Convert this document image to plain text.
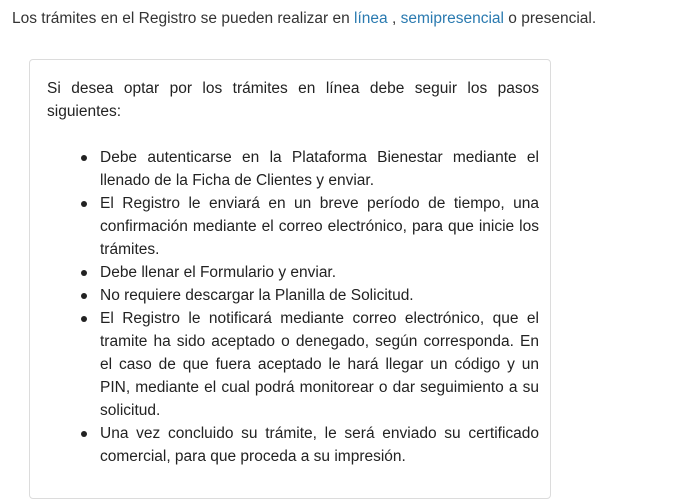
Los trámites en el Registro se pueden realizar en línea , semipresencial o presencial.

Si desea optar por los trámites en línea debe seguir los pasos siguientes:

Debe autenticarse en la Plataforma Bienestar mediante el llenado de la Ficha de Clientes y enviar.
El Registro le enviará en un breve período de tiempo, una confirmación mediante el correo electrónico, para que inicie los trámites.
Debe llenar el Formulario y enviar.
No requiere descargar la Planilla de Solicitud.
El Registro le notificará mediante correo electrónico, que el tramite ha sido aceptado o denegado, según corresponda. En el caso de que fuera aceptado le hará llegar un código y un PIN, mediante el cual podrá monitorear o dar seguimiento a su solicitud.
Una vez concluido su trámite, le será enviado su certificado comercial, para que proceda a su impresión.
